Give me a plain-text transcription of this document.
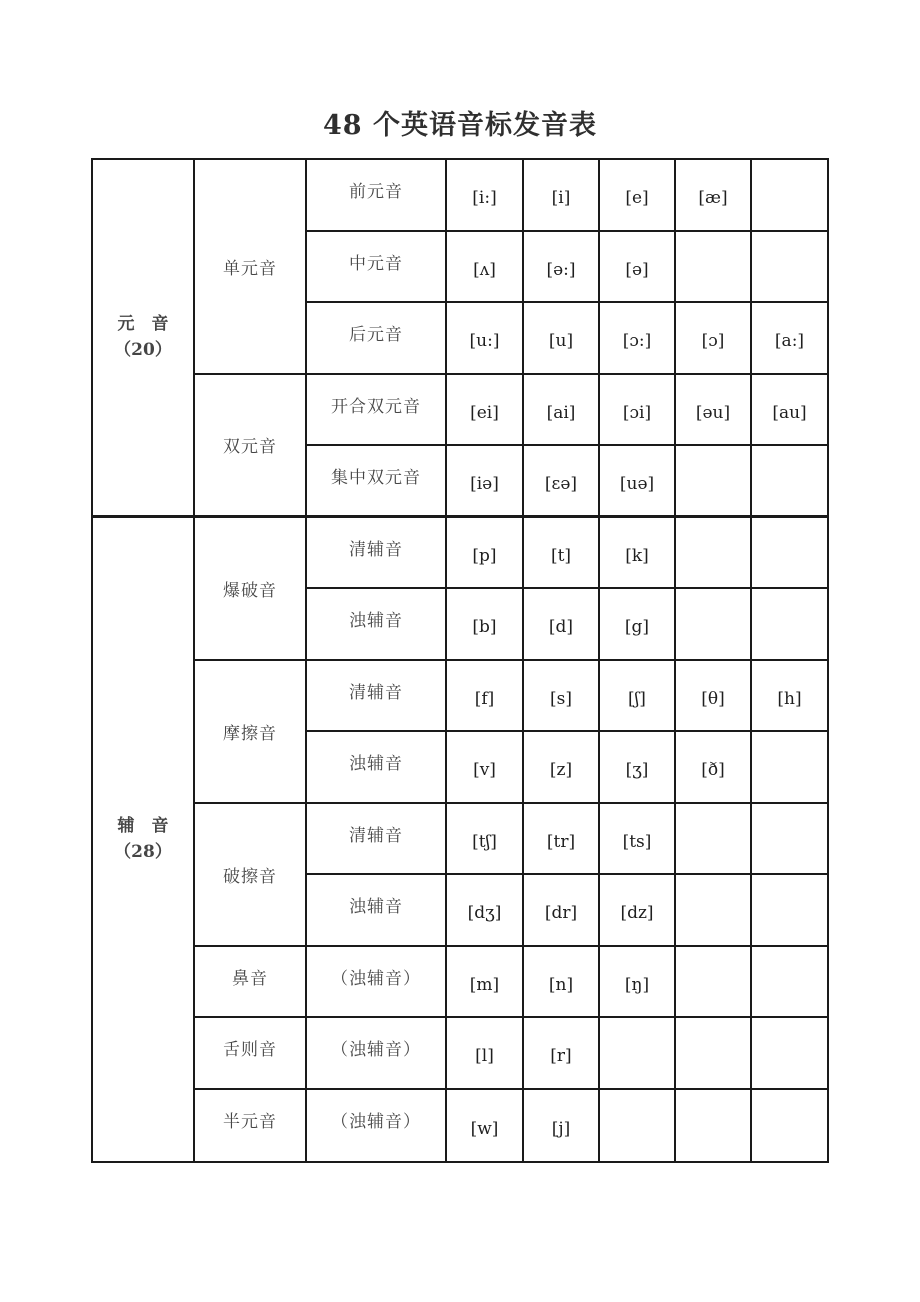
48 个英语音标发音表
元　音
（20）
单元音
前元音	[i:]	[i]	[e]	[æ]
中元音	[ʌ]	[ə:]	[ə]
后元音	[u:]	[u]	[ɔ:]	[ɔ]	[a:]
双元音
开合双元音	[ei]	[ai]	[ɔi]	[əu]	[au]
集中双元音	[iə]	[ɛə]	[uə]
辅　音
（28）
爆破音
清辅音	[p]	[t]	[k]
浊辅音	[b]	[d]	[g]
摩擦音
清辅音	[f]	[s]	[ʃ]	[θ]	[h]
浊辅音	[v]	[z]	[ʒ]	[ð]
破擦音
清辅音	[tʃ]	[tr]	[ts]
浊辅音	[dʒ]	[dr]	[dz]
鼻音	（浊辅音）	[m]	[n]	[ŋ]
舌则音	（浊辅音）	[l]	[r]
半元音	（浊辅音）	[w]	[j]
